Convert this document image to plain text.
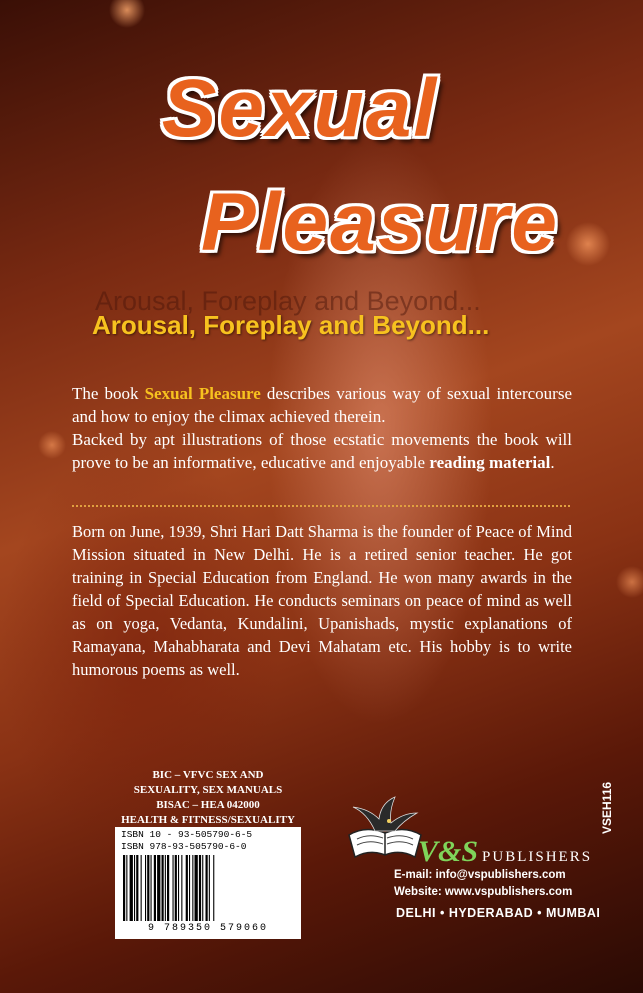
Sexual
Pleasure
Arousal, Foreplay and Beyond...
Arousal, Foreplay and Beyond...

The book Sexual Pleasure describes various way of sexual intercourse and how to enjoy the climax achieved therein.

Backed by apt illustrations of those ecstatic movements the book will prove to be an informative, educative and enjoyable reading material.

Born on June, 1939, Shri Hari Datt Sharma is the founder of Peace of Mind Mission situated in New Delhi. He is a retired senior teacher. He got training in Special Education from England. He won many awards in the field of Special Education. He conducts seminars on peace of mind as well as on yoga, Vedanta, Kundalini, Upanishads, mystic explanations of Ramayana, Mahabharata and Devi Mahatam etc. His hobby is to write humorous poems as well.

BIC – VFVC SEX AND
SEXUALITY, SEX MANUALS
BISAC – HEA 042000
HEALTH & FITNESS/SEXUALITY
ISBN 10 - 93-505790-6-5
ISBN 978-93-505790-6-0
9 789350 579060
VSEH116
V&S PUBLISHERS
E-mail: info@vspublishers.com
Website: www.vspublishers.com
DELHI • HYDERABAD • MUMBAI
